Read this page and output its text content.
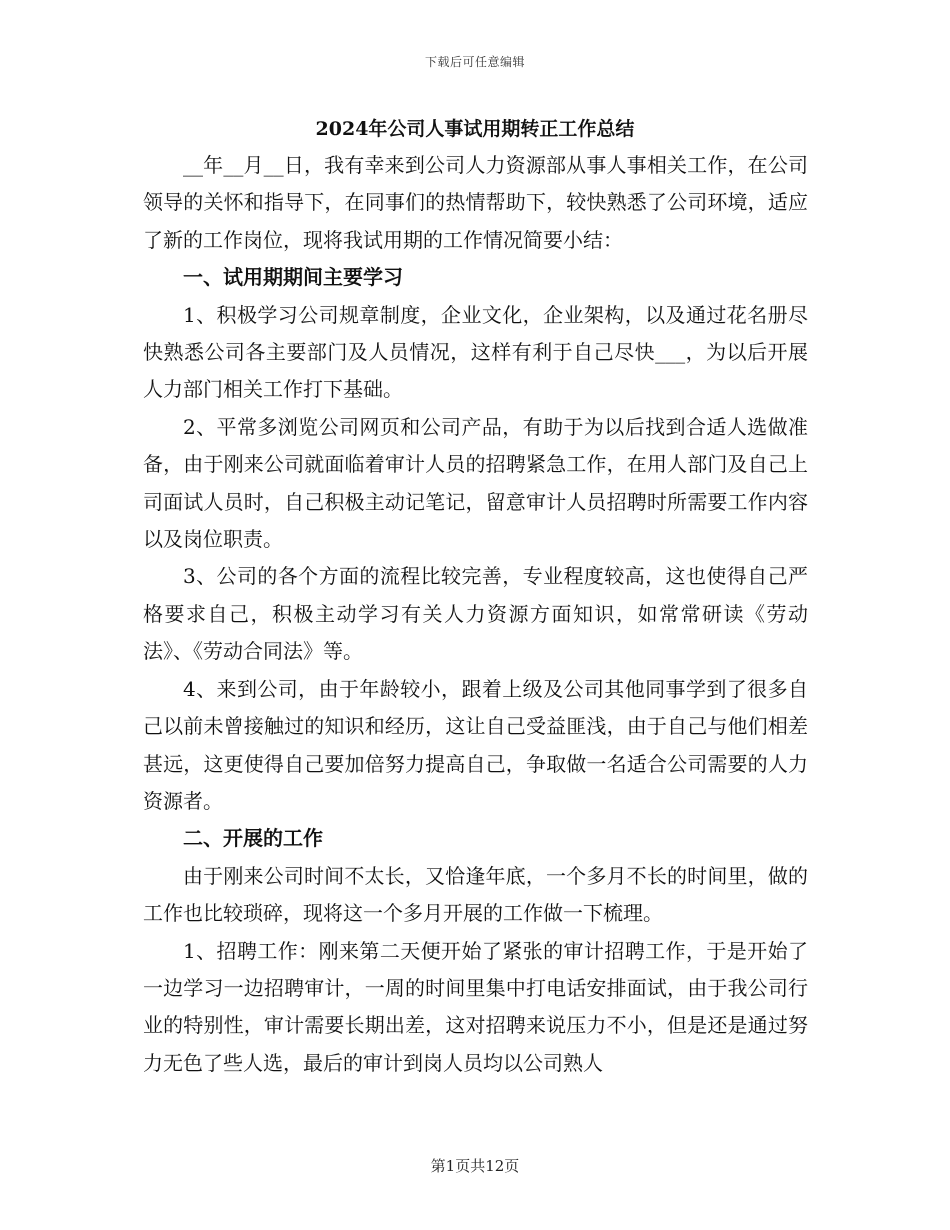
下载后可任意编辑
2024年公司人事试用期转正工作总结

__年__月__日，我有幸来到公司人力资源部从事人事相关工作，在公司领导的关怀和指导下，在同事们的热情帮助下，较快熟悉了公司环境，适应了新的工作岗位，现将我试用期的工作情况简要小结：

一、试用期期间主要学习

1、积极学习公司规章制度，企业文化，企业架构，以及通过花名册尽快熟悉公司各主要部门及人员情况，这样有利于自己尽快___，为以后开展人力部门相关工作打下基础。

2、平常多浏览公司网页和公司产品，有助于为以后找到合适人选做准备，由于刚来公司就面临着审计人员的招聘紧急工作，在用人部门及自己上司面试人员时，自己积极主动记笔记，留意审计人员招聘时所需要工作内容以及岗位职责。

3、公司的各个方面的流程比较完善，专业程度较高，这也使得自己严格要求自己，积极主动学习有关人力资源方面知识，如常常研读《劳动法》、《劳动合同法》等。

4、来到公司，由于年龄较小，跟着上级及公司其他同事学到了很多自己以前未曾接触过的知识和经历，这让自己受益匪浅，由于自己与他们相差甚远，这更使得自己要加倍努力提高自己，争取做一名适合公司需要的人力资源者。

二、开展的工作

由于刚来公司时间不太长，又恰逢年底，一个多月不长的时间里，做的工作也比较琐碎，现将这一个多月开展的工作做一下梳理。

1、招聘工作：刚来第二天便开始了紧张的审计招聘工作，于是开始了一边学习一边招聘审计，一周的时间里集中打电话安排面试，由于我公司行业的特别性，审计需要长期出差，这对招聘来说压力不小，但是还是通过努力无色了些人选，最后的审计到岗人员均以公司熟人

第1页共12页
